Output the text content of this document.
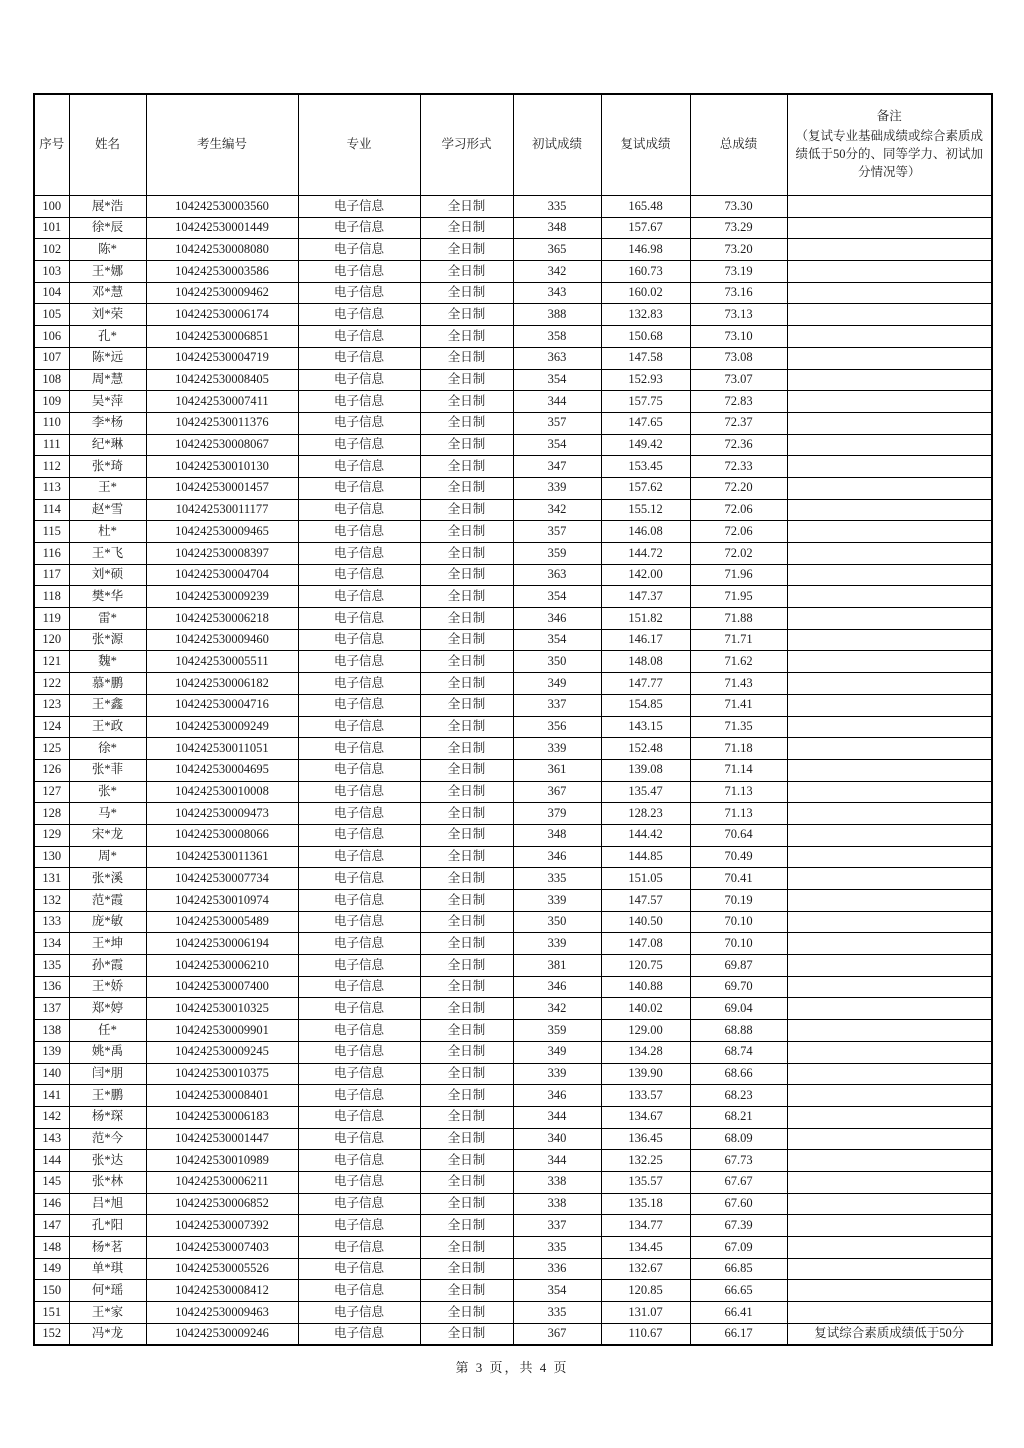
序号	姓名	考生编号	专业	学习形式	初试成绩	复试成绩	总成绩	备注
（复试专业基础成绩或综合素质成绩低于50分的、同等学力、初试加分情况等）

100	展*浩	104242530003560	电子信息	全日制	335	165.48	73.30	
101	徐*辰	104242530001449	电子信息	全日制	348	157.67	73.29	
102	陈*	104242530008080	电子信息	全日制	365	146.98	73.20	
103	王*娜	104242530003586	电子信息	全日制	342	160.73	73.19	
104	邓*慧	104242530009462	电子信息	全日制	343	160.02	73.16	
105	刘*荣	104242530006174	电子信息	全日制	388	132.83	73.13	
106	孔*	104242530006851	电子信息	全日制	358	150.68	73.10	
107	陈*远	104242530004719	电子信息	全日制	363	147.58	73.08	
108	周*慧	104242530008405	电子信息	全日制	354	152.93	73.07	
109	吴*萍	104242530007411	电子信息	全日制	344	157.75	72.83	
110	李*杨	104242530011376	电子信息	全日制	357	147.65	72.37	
111	纪*琳	104242530008067	电子信息	全日制	354	149.42	72.36	
112	张*琦	104242530010130	电子信息	全日制	347	153.45	72.33	
113	王*	104242530001457	电子信息	全日制	339	157.62	72.20	
114	赵*雪	104242530011177	电子信息	全日制	342	155.12	72.06	
115	杜*	104242530009465	电子信息	全日制	357	146.08	72.06	
116	王*飞	104242530008397	电子信息	全日制	359	144.72	72.02	
117	刘*硕	104242530004704	电子信息	全日制	363	142.00	71.96	
118	樊*华	104242530009239	电子信息	全日制	354	147.37	71.95	
119	雷*	104242530006218	电子信息	全日制	346	151.82	71.88	
120	张*源	104242530009460	电子信息	全日制	354	146.17	71.71	
121	魏*	104242530005511	电子信息	全日制	350	148.08	71.62	
122	慕*鹏	104242530006182	电子信息	全日制	349	147.77	71.43	
123	王*鑫	104242530004716	电子信息	全日制	337	154.85	71.41	
124	王*政	104242530009249	电子信息	全日制	356	143.15	71.35	
125	徐*	104242530011051	电子信息	全日制	339	152.48	71.18	
126	张*菲	104242530004695	电子信息	全日制	361	139.08	71.14	
127	张*	104242530010008	电子信息	全日制	367	135.47	71.13	
128	马*	104242530009473	电子信息	全日制	379	128.23	71.13	
129	宋*龙	104242530008066	电子信息	全日制	348	144.42	70.64	
130	周*	104242530011361	电子信息	全日制	346	144.85	70.49	
131	张*溪	104242530007734	电子信息	全日制	335	151.05	70.41	
132	范*霞	104242530010974	电子信息	全日制	339	147.57	70.19	
133	庞*敏	104242530005489	电子信息	全日制	350	140.50	70.10	
134	王*坤	104242530006194	电子信息	全日制	339	147.08	70.10	
135	孙*霞	104242530006210	电子信息	全日制	381	120.75	69.87	
136	王*娇	104242530007400	电子信息	全日制	346	140.88	69.70	
137	郑*婷	104242530010325	电子信息	全日制	342	140.02	69.04	
138	任*	104242530009901	电子信息	全日制	359	129.00	68.88	
139	姚*禹	104242530009245	电子信息	全日制	349	134.28	68.74	
140	闫*朋	104242530010375	电子信息	全日制	339	139.90	68.66	
141	王*鹏	104242530008401	电子信息	全日制	346	133.57	68.23	
142	杨*琛	104242530006183	电子信息	全日制	344	134.67	68.21	
143	范*今	104242530001447	电子信息	全日制	340	136.45	68.09	
144	张*达	104242530010989	电子信息	全日制	344	132.25	67.73	
145	张*林	104242530006211	电子信息	全日制	338	135.57	67.67	
146	吕*旭	104242530006852	电子信息	全日制	338	135.18	67.60	
147	孔*阳	104242530007392	电子信息	全日制	337	134.77	67.39	
148	杨*茗	104242530007403	电子信息	全日制	335	134.45	67.09	
149	单*琪	104242530005526	电子信息	全日制	336	132.67	66.85	
150	何*瑶	104242530008412	电子信息	全日制	354	120.85	66.65	
151	王*家	104242530009463	电子信息	全日制	335	131.07	66.41	
152	冯*龙	104242530009246	电子信息	全日制	367	110.67	66.17	复试综合素质成绩低于50分
第 3 页，共 4 页
